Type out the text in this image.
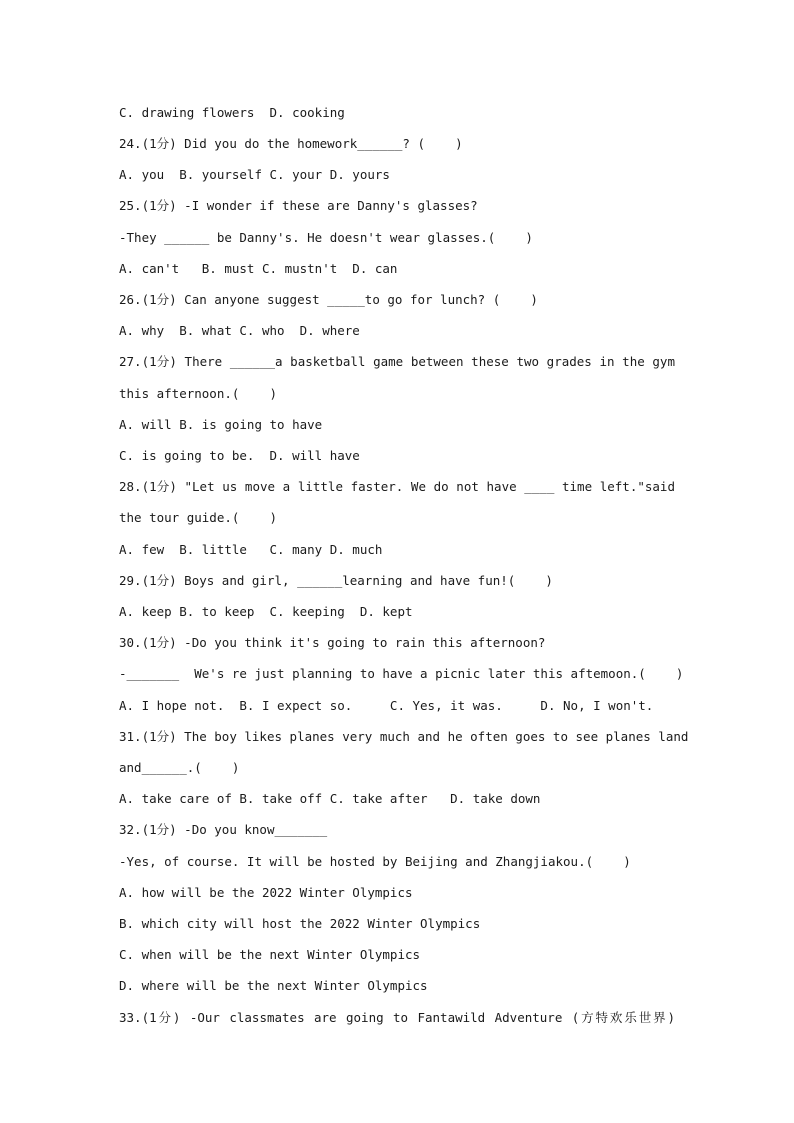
C. drawing flowers  D. cooking
24.(1分) Did you do the homework______? (    )
A. you  B. yourself C. your D. yours
25.(1分) -I wonder if these are Danny's glasses?
-They ______ be Danny's. He doesn't wear glasses.(    )
A. can't   B. must C. mustn't  D. can
26.(1分) Can anyone suggest _____to go for lunch? (    )
A. why  B. what C. who  D. where
27.(1分) There ______a basketball game between these two grades in the gym
this afternoon.(    )
A. will B. is going to have
C. is going to be.  D. will have
28.(1分) "Let us move a little faster. We do not have ____ time left."said
the tour guide.(    )
A. few  B. little   C. many D. much
29.(1分) Boys and girl, ______learning and have fun!(    )
A. keep B. to keep  C. keeping  D. kept
30.(1分) -Do you think it's going to rain this afternoon?
-_______  We's re just planning to have a picnic later this aftemoon.(    )
A. I hope not.  B. I expect so.     C. Yes, it was.     D. No, I won't.
31.(1分) The boy likes planes very much and he often goes to see planes land
and______.(    )
A. take care of B. take off C. take after   D. take down
32.(1分) -Do you know_______
-Yes, of course. It will be hosted by Beijing and Zhangjiakou.(    )
A. how will be the 2022 Winter Olympics
B. which city will host the 2022 Winter Olympics
C. when will be the next Winter Olympics
D. where will be the next Winter Olympics
33.(1分) -Our classmates are going to Fantawild Adventure (方特欢乐世界)
